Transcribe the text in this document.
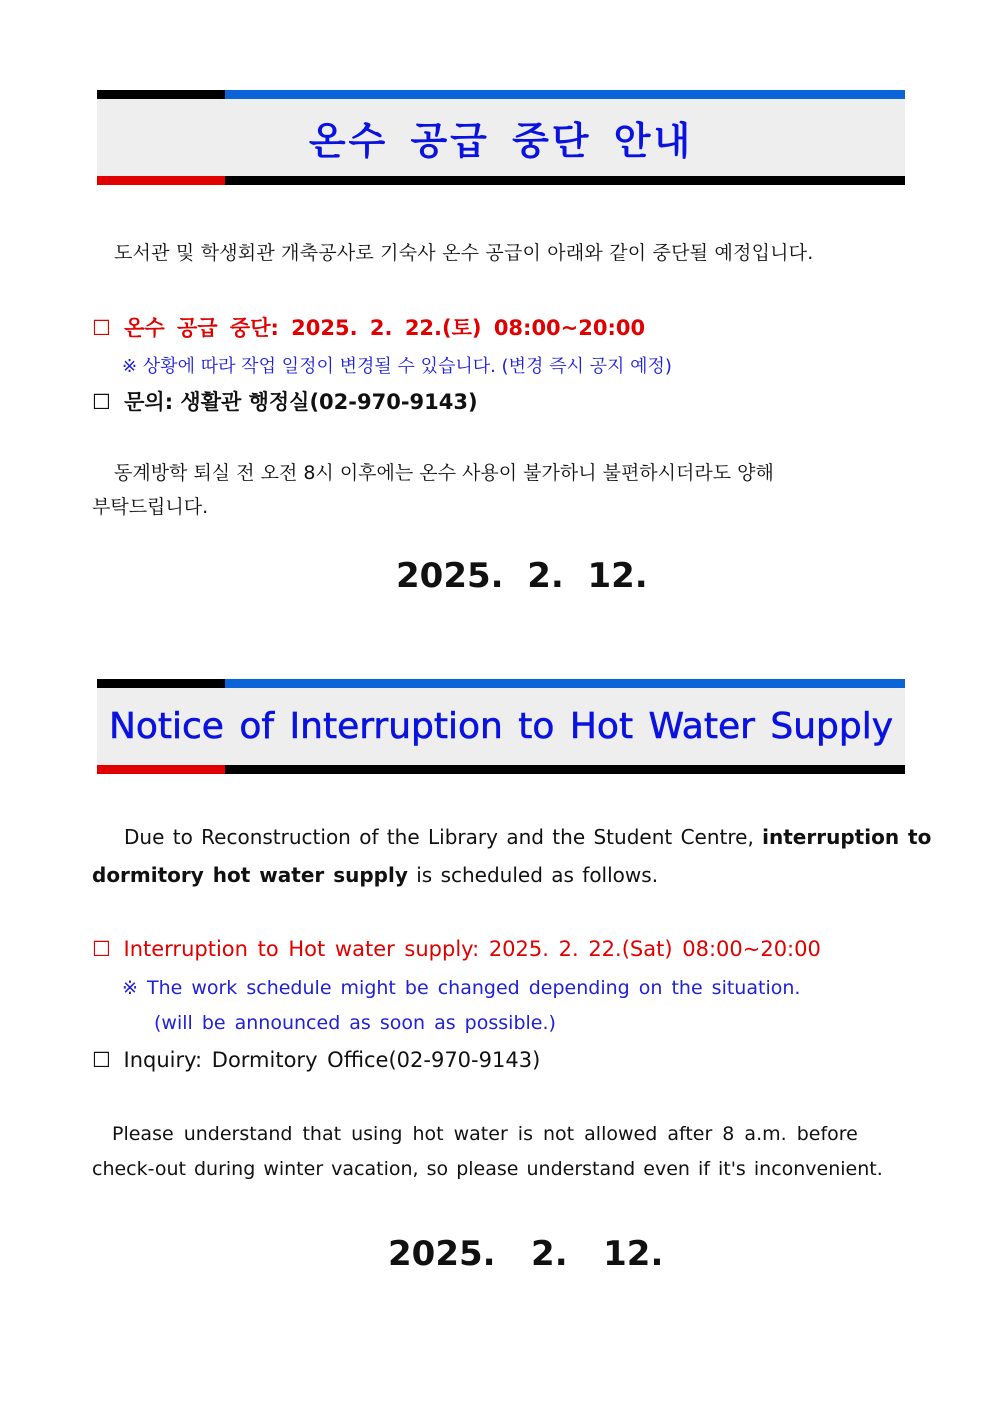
온수 공급 중단 안내
도서관 및 학생회관 개축공사로 기숙사 온수 공급이 아래와 같이 중단될 예정입니다.
☐ 온수 공급 중단: 2025. 2. 22.(토) 08:00~20:00
※ 상황에 따라 작업 일정이 변경될 수 있습니다. (변경 즉시 공지 예정)
☐ 문의: 생활관 행정실(02-970-9143)
동계방학 퇴실 전 오전 8시 이후에는 온수 사용이 불가하니 불편하시더라도 양해
부탁드립니다.
2025.  2.  12.
Notice of Interruption to Hot Water Supply
Due to Reconstruction of the Library and the Student Centre, interruption to
dormitory hot water supply is scheduled as follows.
☐ Interruption to Hot water supply: 2025. 2. 22.(Sat) 08:00~20:00
※ The work schedule might be changed depending on the situation.
(will be announced as soon as possible.)
☐ Inquiry: Dormitory Office(02-970-9143)
Please understand that using hot water is not allowed after 8 a.m. before
check-out during winter vacation, so please understand even if it's inconvenient.
2025.   2.   12.
